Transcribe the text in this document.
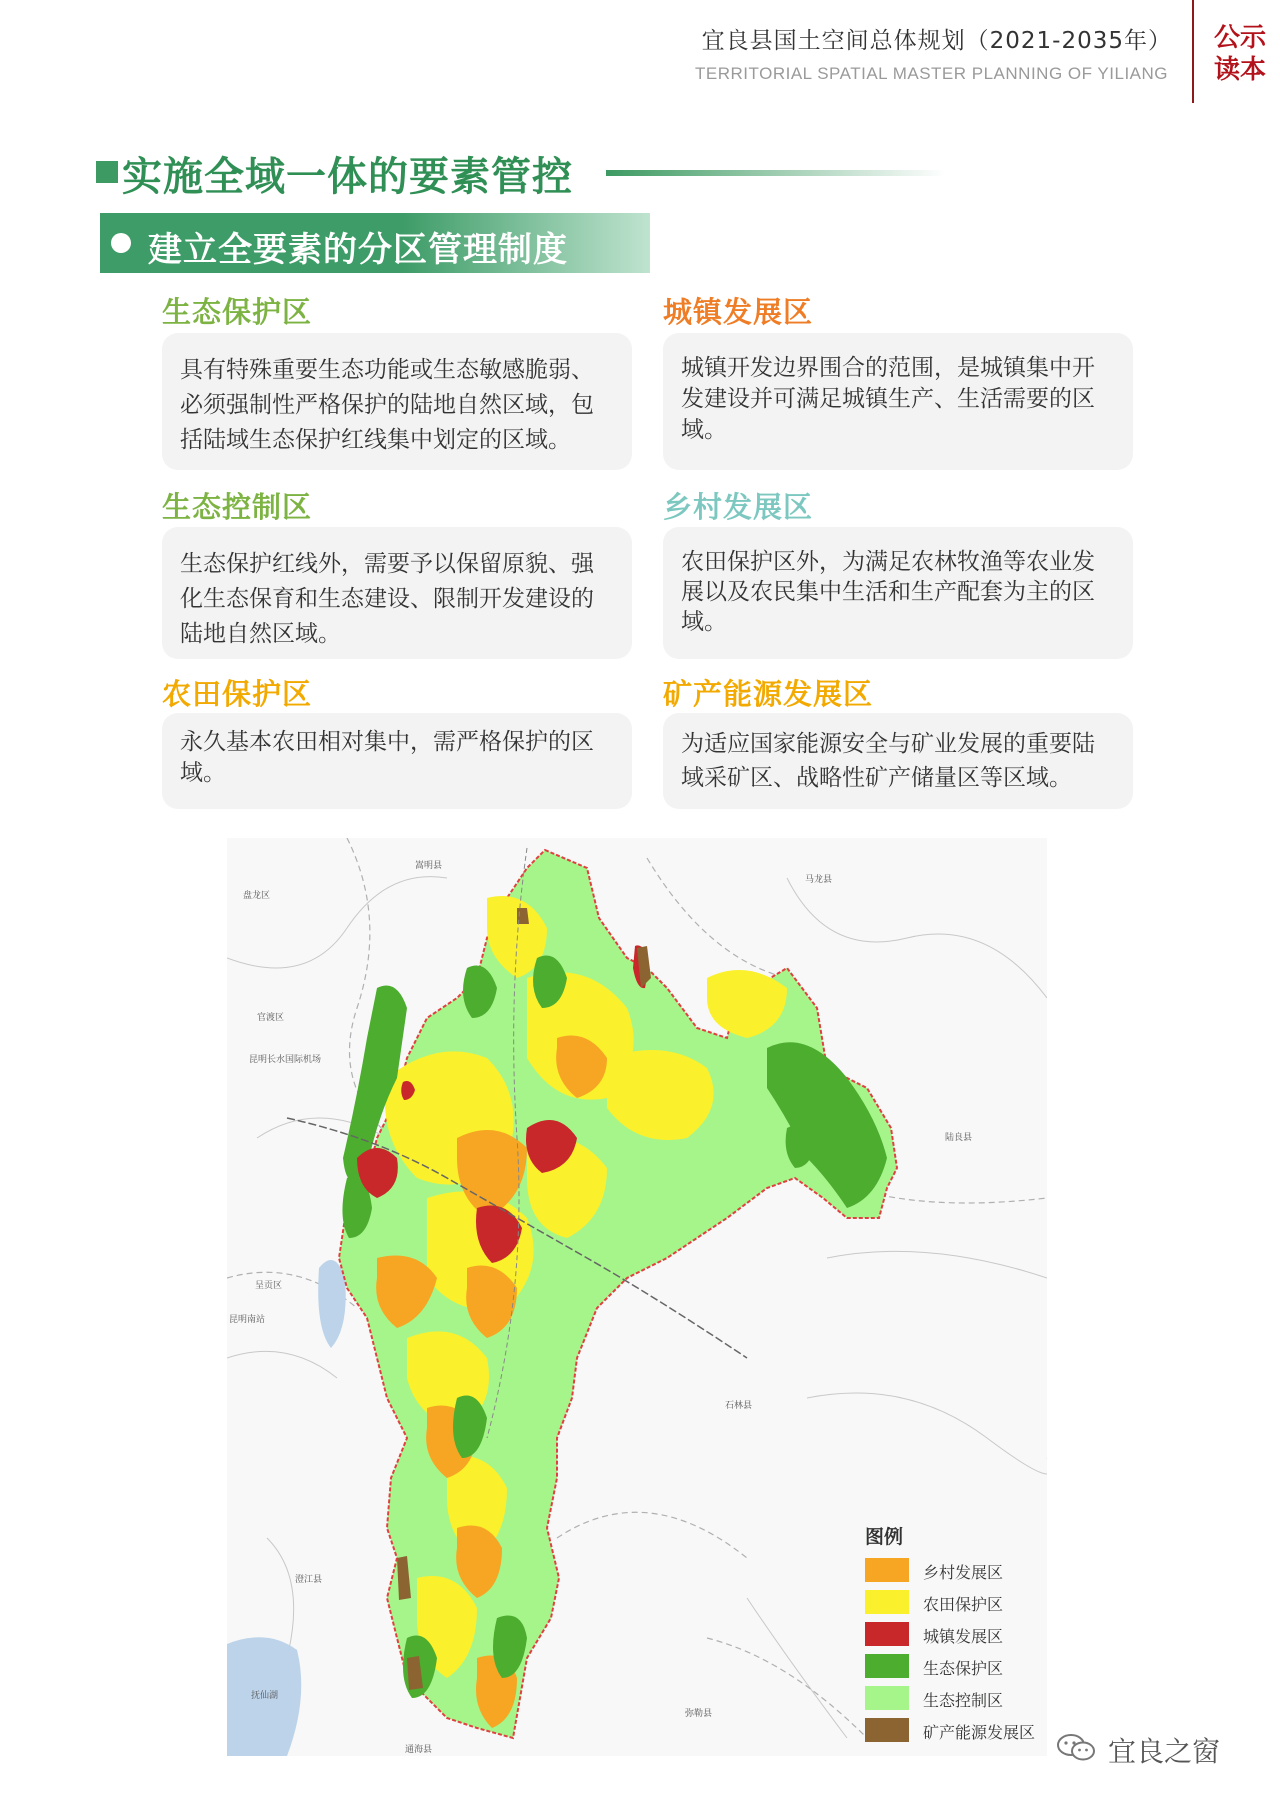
宜良县国土空间总体规划（2021-2035年）
TERRITORIAL SPATIAL MASTER PLANNING OF YILIANG
公示
读本
实施全域一体的要素管控
建立全要素的分区管理制度
生态保护区
具有特殊重要生态功能或生态敏感脆弱、必须强制性严格保护的陆地自然区域，包括陆域生态保护红线集中划定的区域。
生态控制区
生态保护红线外，需要予以保留原貌、强化生态保育和生态建设、限制开发建设的陆地自然区域。
农田保护区
永久基本农田相对集中，需严格保护的区域。
城镇发展区
城镇开发边界围合的范围，是城镇集中开发建设并可满足城镇生产、生活需要的区域。
乡村发展区
农田保护区外，为满足农林牧渔等农业发展以及农民集中生活和生产配套为主的区域。
矿产能源发展区
为适应国家能源安全与矿业发展的重要陆域采矿区、战略性矿产储量区等区域。
嵩明县
马龙县
盘龙区
官渡区
昆明长水国际机场
陆良县
呈贡区
昆明南站
石林县
澄江县
弥勒县
通海县
抚仙湖
图例
乡村发展区
农田保护区
城镇发展区
生态保护区
生态控制区
矿产能源发展区
宜良之窗
